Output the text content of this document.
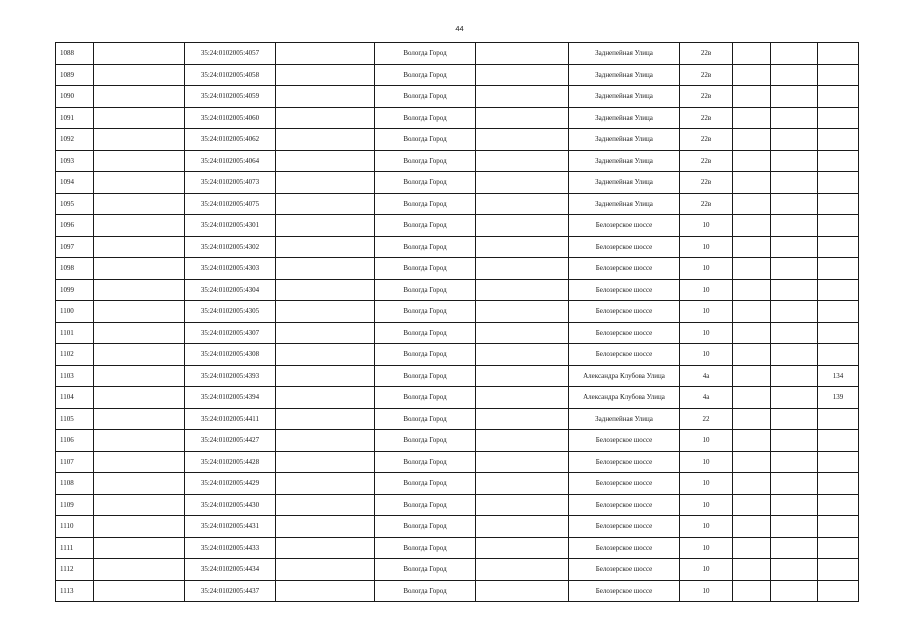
44
1088		35:24:0102005:4057		Вологда Город		Заднепейная Улица	22в			
1089		35:24:0102005:4058		Вологда Город		Заднепейная Улица	22в			
1090		35:24:0102005:4059		Вологда Город		Заднепейная Улица	22в			
1091		35:24:0102005:4060		Вологда Город		Заднепейная Улица	22в			
1092		35:24:0102005:4062		Вологда Город		Заднепейная Улица	22в			
1093		35:24:0102005:4064		Вологда Город		Заднепейная Улица	22в			
1094		35:24:0102005:4073		Вологда Город		Заднепейная Улица	22в			
1095		35:24:0102005:4075		Вологда Город		Заднепейная Улица	22в			
1096		35:24:0102005:4301		Вологда Город		Белозерское шоссе	10			
1097		35:24:0102005:4302		Вологда Город		Белозерское шоссе	10			
1098		35:24:0102005:4303		Вологда Город		Белозерское шоссе	10			
1099		35:24:0102005:4304		Вологда Город		Белозерское шоссе	10			
1100		35:24:0102005:4305		Вологда Город		Белозерское шоссе	10			
1101		35:24:0102005:4307		Вологда Город		Белозерское шоссе	10			
1102		35:24:0102005:4308		Вологда Город		Белозерское шоссе	10			
1103		35:24:0102005:4393		Вологда Город		Александра Клубова Улица	4а			134
1104		35:24:0102005:4394		Вологда Город		Александра Клубова Улица	4а			139
1105		35:24:0102005:4411		Вологда Город		Заднепейная Улица	22			
1106		35:24:0102005:4427		Вологда Город		Белозерское шоссе	10			
1107		35:24:0102005:4428		Вологда Город		Белозерское шоссе	10			
1108		35:24:0102005:4429		Вологда Город		Белозерское шоссе	10			
1109		35:24:0102005:4430		Вологда Город		Белозерское шоссе	10			
1110		35:24:0102005:4431		Вологда Город		Белозерское шоссе	10			
1111		35:24:0102005:4433		Вологда Город		Белозерское шоссе	10			
1112		35:24:0102005:4434		Вологда Город		Белозерское шоссе	10			
1113		35:24:0102005:4437		Вологда Город		Белозерское шоссе	10			
